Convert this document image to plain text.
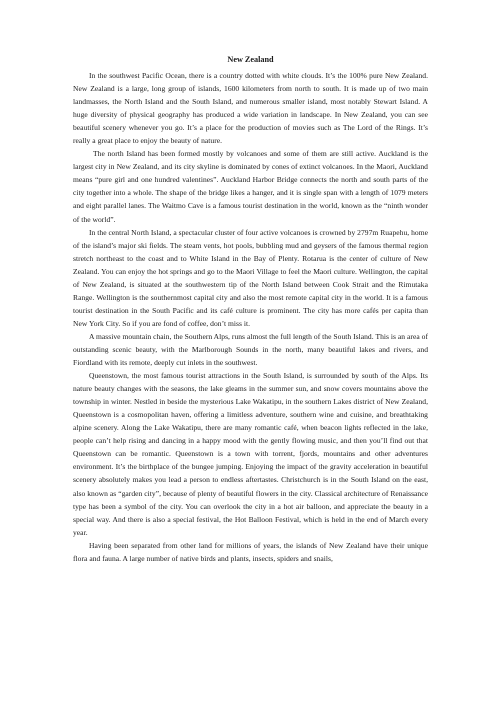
New Zealand

In the southwest Pacific Ocean, there is a country dotted with white clouds. It’s the 100% pure New Zealand. New Zealand is a large, long group of islands, 1600 kilometers from north to south. It is made up of two main landmasses, the North Island and the South Island, and numerous smaller island, most notably Stewart Island. A huge diversity of physical geography has produced a wide variation in landscape. In New Zealand, you can see beautiful scenery whenever you go. It’s a place for the production of movies such as The Lord of the Rings. It’s really a great place to enjoy the beauty of nature.

The north Island has been formed mostly by volcanoes and some of them are still active. Auckland is the largest city in New Zealand, and its city skyline is dominated by cones of extinct volcanoes. In the Maori, Auckland means “pure girl and one hundred valentines”. Auckland Harbor Bridge connects the north and south parts of the city together into a whole. The shape of the bridge likes a hanger, and it is single span with a length of 1079 meters and eight parallel lanes. The Waitmo Cave is a famous tourist destination in the world, known as the “ninth wonder of the world”.

In the central North Island, a spectacular cluster of four active volcanoes is crowned by 2797m Ruapehu, home of the island’s major ski fields. The steam vents, hot pools, bubbling mud and geysers of the famous thermal region stretch northeast to the coast and to White Island in the Bay of Plenty. Rotarua is the center of culture of New Zealand. You can enjoy the hot springs and go to the Maori Village to feel the Maori culture. Wellington, the capital of New Zealand, is situated at the southwestern tip of the North Island between Cook Strait and the Rimutaka Range. Wellington is the southernmost capital city and also the most remote capital city in the world. It is a famous tourist destination in the South Pacific and its café culture is prominent. The city has more cafés per capita than New York City. So if you are fond of coffee, don’t miss it.

A massive mountain chain, the Southern Alps, runs almost the full length of the South Island. This is an area of outstanding scenic beauty, with the Marlborough Sounds in the north, many beautiful lakes and rivers, and Fiordland with its remote, deeply cut inlets in the southwest.

Queenstown, the most famous tourist attractions in the South Island, is surrounded by south of the Alps. Its nature beauty changes with the seasons, the lake gleams in the summer sun, and snow covers mountains above the township in winter. Nestled in beside the mysterious Lake Wakatipu, in the southern Lakes district of New Zealand, Queenstown is a cosmopolitan haven, offering a limitless adventure, southern wine and cuisine, and breathtaking alpine scenery. Along the Lake Wakatipu, there are many romantic café, when beacon lights reflected in the lake, people can’t help rising and dancing in a happy mood with the gently flowing music, and then you’ll find out that Queenstown can be romantic. Queenstown is a town with torrent, fjords, mountains and other adventures environment. It’s the birthplace of the bungee jumping. Enjoying the impact of the gravity acceleration in beautiful scenery absolutely makes you lead a person to endless aftertastes. Christchurch is in the South Island on the east, also known as “garden city”, because of plenty of beautiful flowers in the city. Classical architecture of Renaissance type has been a symbol of the city. You can overlook the city in a hot air balloon, and appreciate the beauty in a special way. And there is also a special festival, the Hot Balloon Festival, which is held in the end of March every year.

Having been separated from other land for millions of years, the islands of New Zealand have their unique flora and fauna. A large number of native birds and plants, insects, spiders and snails,
